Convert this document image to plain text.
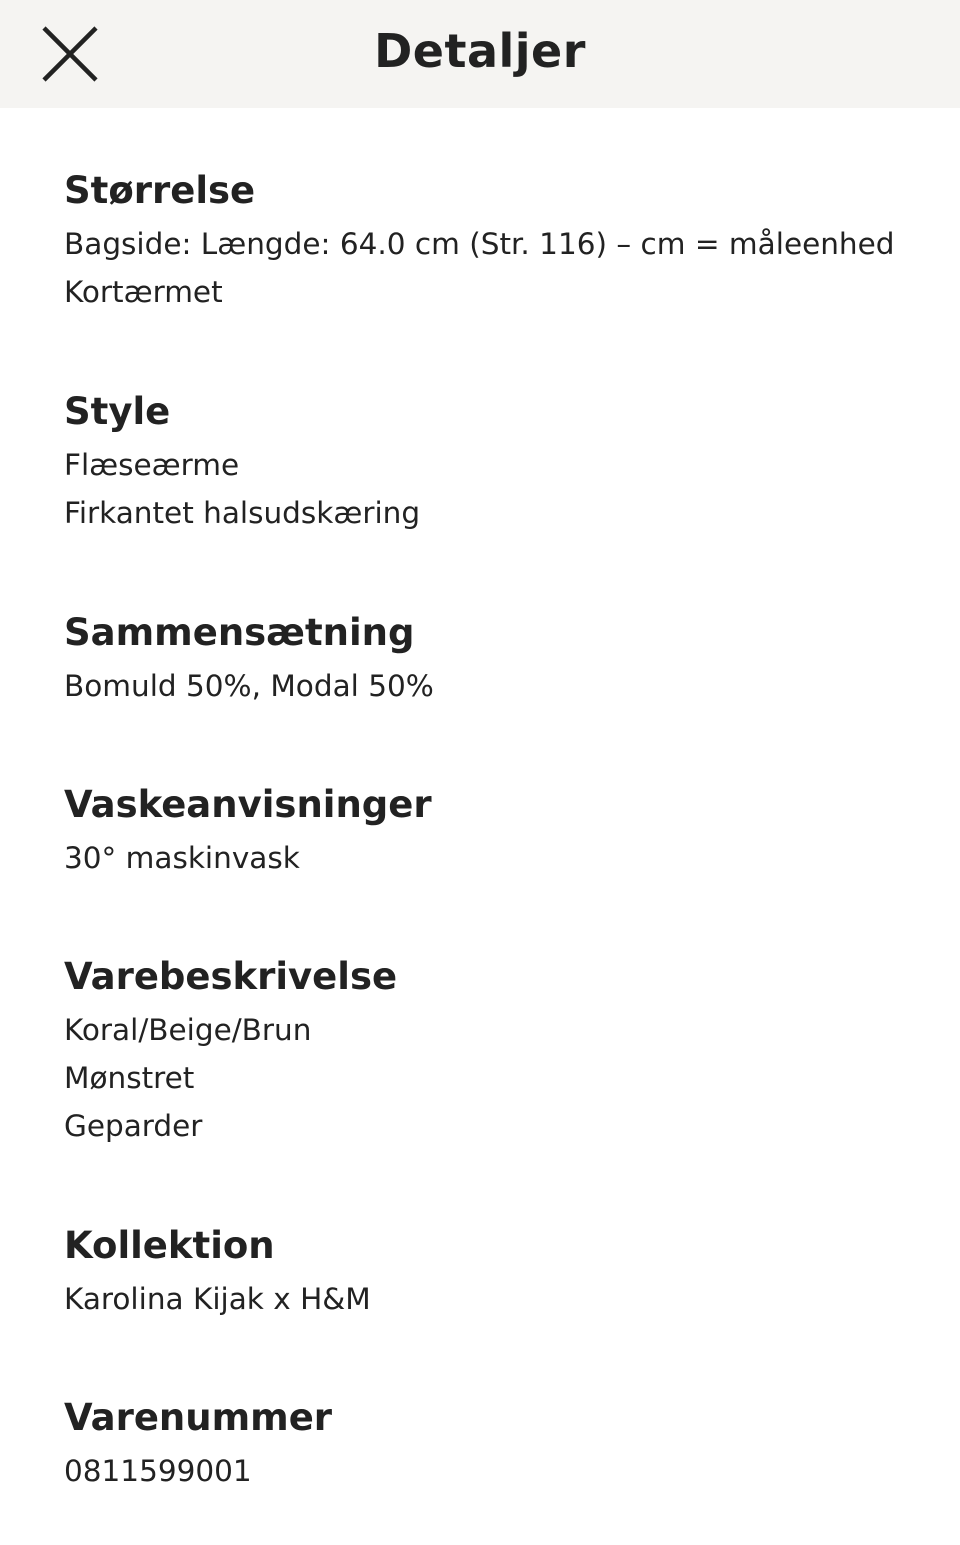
Detaljer
Størrelse
Bagside: Længde: 64.0 cm (Str. 116) – cm = måleenhed
Kortærmet
Style
Flæseærme
Firkantet halsudskæring
Sammensætning
Bomuld 50%, Modal 50%
Vaskeanvisninger
30° maskinvask
Varebeskrivelse
Koral/Beige/Brun
Mønstret
Geparder
Kollektion
Karolina Kijak x H&M
Varenummer
0811599001
